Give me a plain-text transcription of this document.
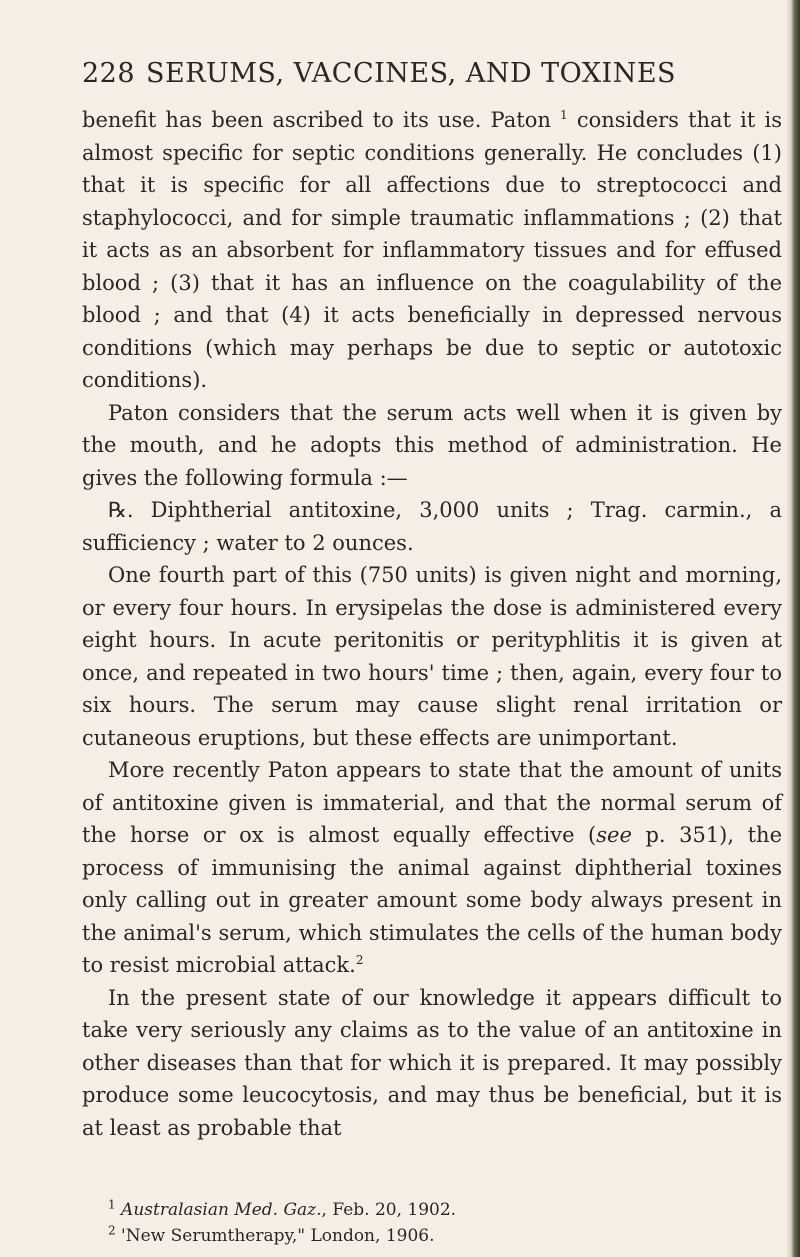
228 SERUMS, VACCINES, AND TOXINES

benefit has been ascribed to its use. Paton $^1$ considers that it is almost specific for septic conditions generally. He concludes (1) that it is specific for all affections due to streptococci and staphylococci, and for simple traumatic inflammations ; (2) that it acts as an absorbent for inflammatory tissues and for effused blood ; (3) that it has an influence on the coagulability of the blood ; and that (4) it acts beneficially in depressed nervous conditions (which may perhaps be due to septic or autotoxic conditions).

Paton considers that the serum acts well when it is given by the mouth, and he adopts this method of administration. He gives the following formula :—

℞. Diphtherial antitoxine, 3,000 units ; Trag. carmin., a sufficiency ; water to 2 ounces.

One fourth part of this (750 units) is given night and morning, or every four hours. In erysipelas the dose is administered every eight hours. In acute peritonitis or perityphlitis it is given at once, and repeated in two hours' time ; then, again, every four to six hours. The serum may cause slight renal irritation or cutaneous eruptions, but these effects are unimportant.

More recently Paton appears to state that the amount of units of antitoxine given is immaterial, and that the normal serum of the horse or ox is almost equally effective (see p. 351), the process of immunising the animal against diphtherial toxines only calling out in greater amount some body always present in the animal's serum, which stimulates the cells of the human body to resist microbial attack.$^2$

In the present state of our knowledge it appears difficult to take very seriously any claims as to the value of an antitoxine in other diseases than that for which it is prepared. It may possibly produce some leucocytosis, and may thus be beneficial, but it is at least as probable that

$^1$ Australasian Med. Gaz., Feb. 20, 1902.

$^2$ 'New Serumtherapy," London, 1906.
